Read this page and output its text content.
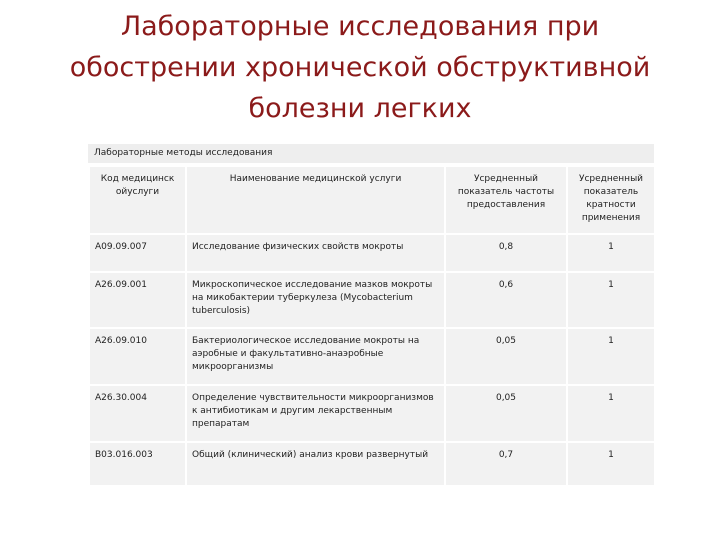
Лабораторные исследования при
обострении хронической обструктивной
болезни легких
Лабораторные методы исследования
Код медицинск ойуслуги	Наименование медицинской услуги	Усредненный показатель частоты предоставления	Усредненный показатель кратности применения
A09.09.007	Исследование физических свойств мокроты	0,8	1
A26.09.001	Микроскопическое исследование мазков мокроты на микобактерии туберкулеза (Mycobacterium tuberculosis)	0,6	1
A26.09.010	Бактериологическое исследование мокроты на аэробные и факультативно-анаэробные микроорганизмы	0,05	1
A26.30.004	Определение чувствительности микроорганизмов к антибиотикам и другим лекарственным препаратам	0,05	1
B03.016.003	Общий (клинический) анализ крови развернутый	0,7	1
